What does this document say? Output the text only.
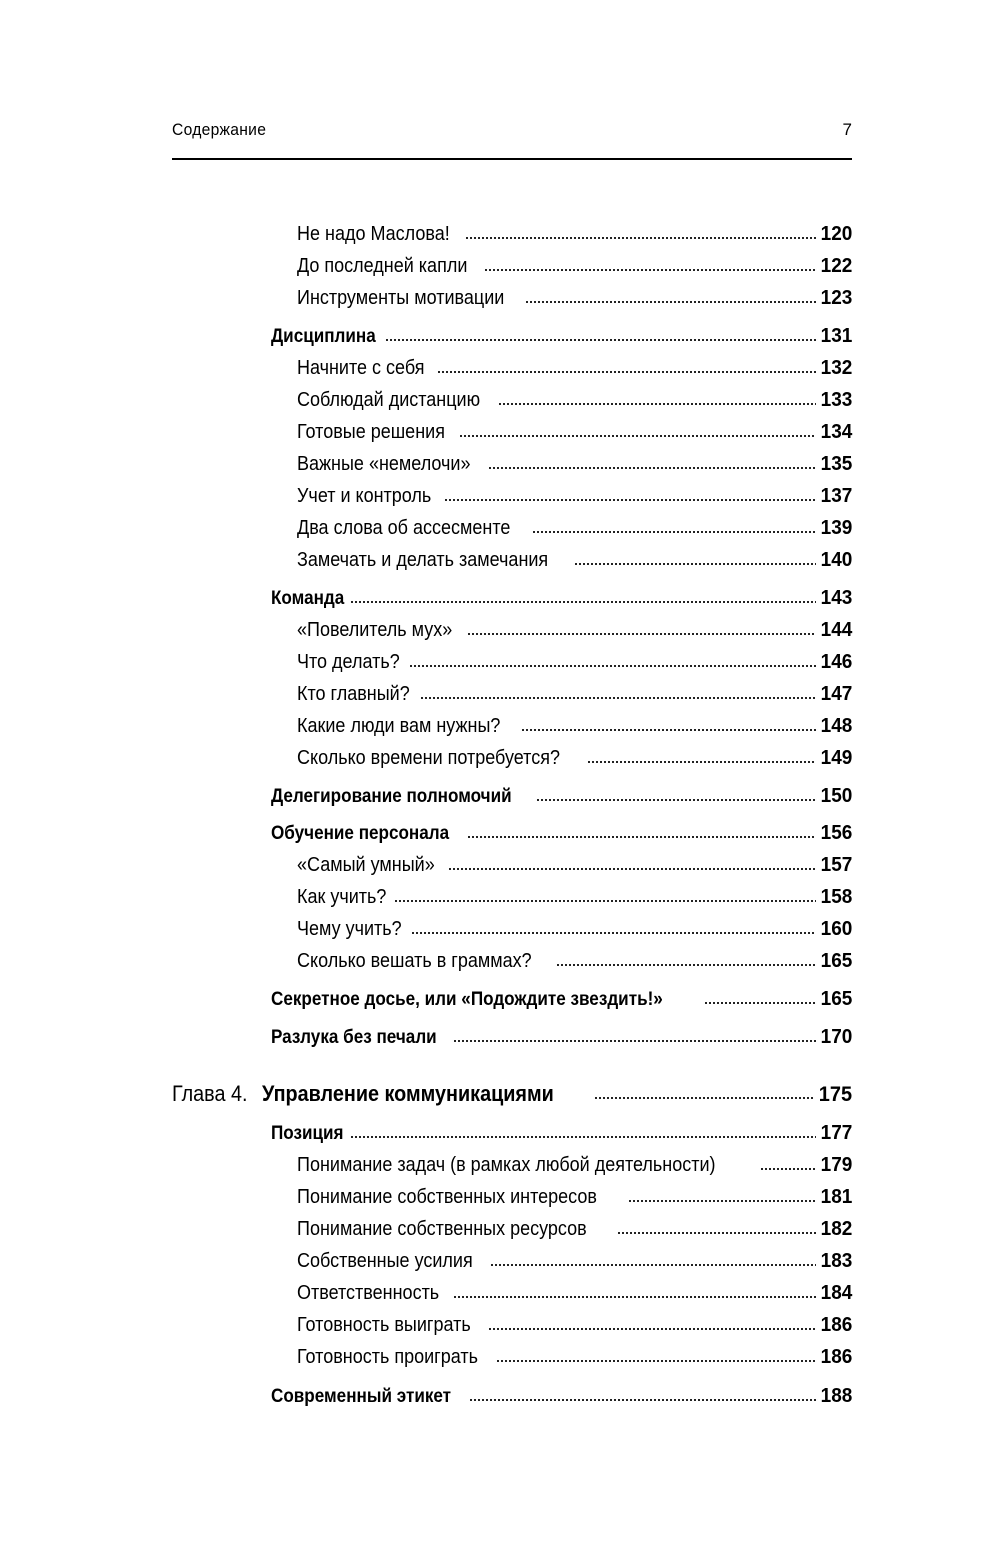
Содержание	7
Не надо Маслова!	120
До последней капли	122
Инструменты мотивации	123
Дисциплина	131
Начните с себя	132
Соблюдай дистанцию	133
Готовые решения	134
Важные «немелочи»	135
Учет и контроль	137
Два слова об ассесменте	139
Замечать и делать замечания	140
Команда	143
«Повелитель мух»	144
Что делать?	146
Кто главный?	147
Какие люди вам нужны?	148
Сколько времени потребуется?	149
Делегирование полномочий	150
Обучение персонала	156
«Самый умный»	157
Как учить?	158
Чему учить?	160
Сколько вешать в граммах?	165
Секретное досье, или «Подождите звездить!»	165
Разлука без печали	170
Глава 4. Управление коммуникациями	175
Позиция	177
Понимание задач (в рамках любой деятельности)	179
Понимание собственных интересов	181
Понимание собственных ресурсов	182
Собственные усилия	183
Ответственность	184
Готовность выиграть	186
Готовность проиграть	186
Современный этикет	188
